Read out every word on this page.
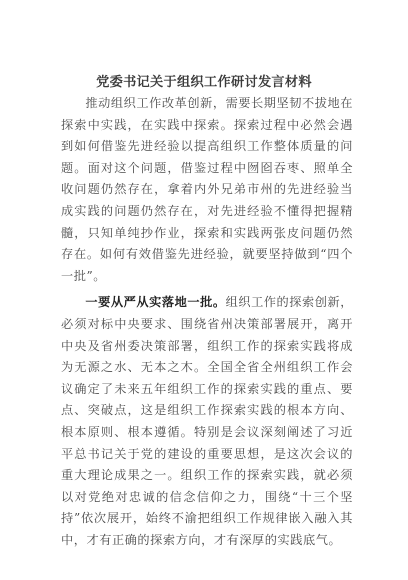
党委书记关于组织工作研讨发言材料

推动组织工作改革创新，需要长期坚韧不拔地在探索中实践，在实践中探索。探索过程中必然会遇到如何借鉴先进经验以提高组织工作整体质量的问题。面对这个问题，借鉴过程中囫囵吞枣、照单全收问题仍然存在，拿着内外兄弟市州的先进经验当成实践的问题仍然存在，对先进经验不懂得把握精髓，只知单纯抄作业，探索和实践两张皮问题仍然存在。如何有效借鉴先进经验，就要坚持做到“四个一批”。

一要从严从实落地一批。组织工作的探索创新，必须对标中央要求、围绕省州决策部署展开，离开中央及省州委决策部署，组织工作的探索实践将成为无源之水、无本之木。全国全省全州组织工作会议确定了未来五年组织工作的探索实践的重点、要点、突破点，这是组织工作探索实践的根本方向、根本原则、根本遵循。特别是会议深刻阐述了习近平总书记关于党的建设的重要思想，是这次会议的重大理论成果之一。组织工作的探索实践，就必须以对党绝对忠诚的信念信仰之力，围绕“十三个坚持”依次展开，始终不渝把组织工作规律嵌入融入其中，才有正确的探索方向，才有深厚的实践底气。
